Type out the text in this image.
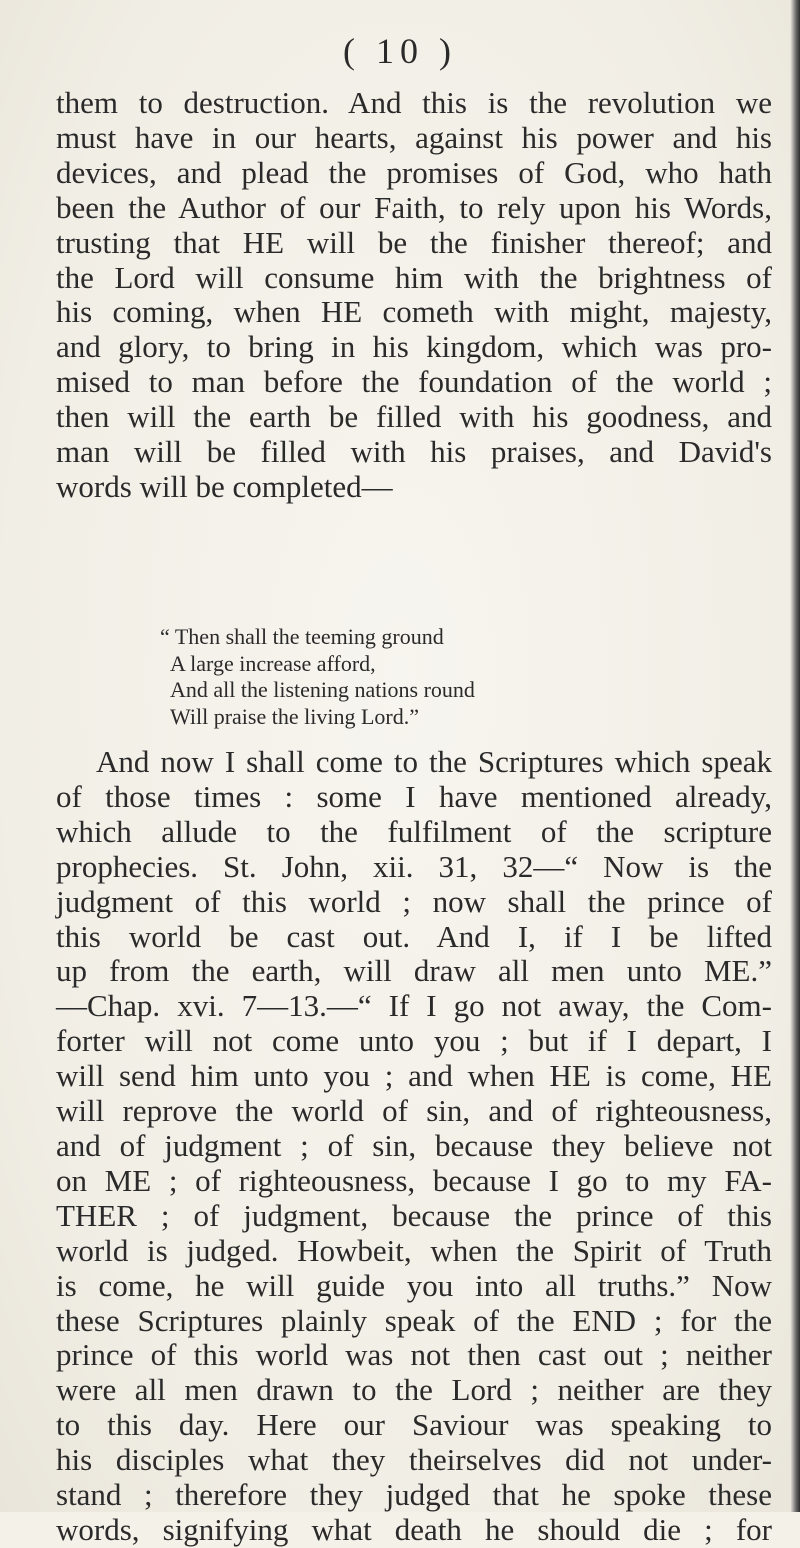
( 10 )
them to destruction. And this is the revolution we
must have in our hearts, against his power and his
devices, and plead the promises of God, who hath
been the Author of our Faith, to rely upon his Words,
trusting that HE will be the finisher thereof; and
the Lord will consume him with the brightness of
his coming, when HE cometh with might, majesty,
and glory, to bring in his kingdom, which was pro-
mised to man before the foundation of the world ;
then will the earth be filled with his goodness, and
man will be filled with his praises, and David's
words will be completed—
“ Then shall the teeming ground
A large increase afford,
And all the listening nations round
Will praise the living Lord.”
And now I shall come to the Scriptures which speak
of those times : some I have mentioned already,
which allude to the fulfilment of the scripture
prophecies. St. John, xii. 31, 32—“ Now is the
judgment of this world ; now shall the prince of
this world be cast out. And I, if I be lifted
up from the earth, will draw all men unto ME.”
—Chap. xvi. 7—13.—“ If I go not away, the Com-
forter will not come unto you ; but if I depart, I
will send him unto you ; and when HE is come, HE
will reprove the world of sin, and of righteousness,
and of judgment ; of sin, because they believe not
on ME ; of righteousness, because I go to my FA-
THER ; of judgment, because the prince of this
world is judged. Howbeit, when the Spirit of Truth
is come, he will guide you into all truths.” Now
these Scriptures plainly speak of the END ; for the
prince of this world was not then cast out ; neither
were all men drawn to the Lord ; neither are they
to this day. Here our Saviour was speaking to
his disciples what they theirselves did not under-
stand ; therefore they judged that he spoke these
words, signifying what death he should die ; for
